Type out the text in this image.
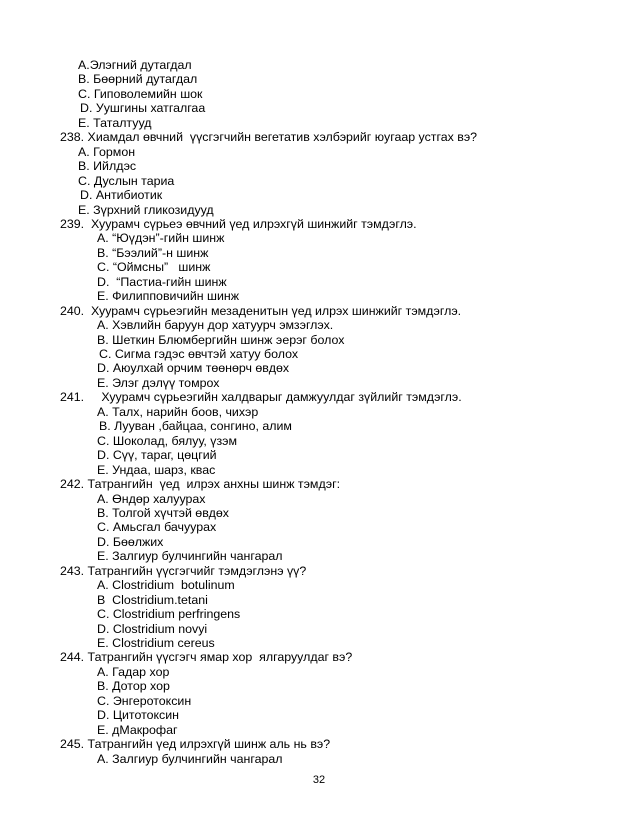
А.Элэгний дутагдал
В. Бөөрний дутагдал
С. Гиповолемийн шок
D. Уушгины хатгалгаа
Е. Таталтууд
238. Хиамдал өвчний  үүсгэгчийн вегетатив хэлбэрийг юугаар устгах вэ?
А. Гормон
В. Ийлдэс
С. Дуслын тариа
D. Антибиотик
Е. Зүрхний гликозидууд
239.  Хуурамч сүрьеэ өвчний үед илрэхгүй шинжийг тэмдэглэ.
А. “Юүдэн”-гийн шинж
В. “Бээлий”-н шинж
С. “Оймсны”   шинж
D.  “Пастиа-гийн шинж
Е. Филипповичийн шинж
240.  Хуурамч сүрьеэгийн мезаденитын үед илрэх шинжийг тэмдэглэ.
А. Хэвлийн баруун дор хатуурч эмзэглэх.
В. Шеткин Блюмбергийн шинж эерэг болох
С. Сигма гэдэс өвчтэй хатуу болох
D. Аюулхай орчим төөнөрч өвдөх
Е. Элэг дэлүү томрох
241.     Хуурамч сүрьеэгийн халдварыг дамжуулдаг зүйлийг тэмдэглэ.
А. Талх, нарийн боов, чихэр
В. Лууван ,байцаа, сонгино, алим
С. Шоколад, бялуу, үзэм
D. Сүү, тараг, цөцгий
Е. Ундаа, шарз, квас
242. Татрангийн  үед  илрэх анхны шинж тэмдэг:
А. Өндөр халуурах
В. Толгой хүчтэй өвдөх
С. Амьсгал бачуурах
D. Бөөлжих
Е. Залгиур булчингийн чангарал
243. Татрангийн үүсгэгчийг тэмдэглэнэ үү?
А. Clostridium  botulinum
В  Clostridium.tetani
С. Clostridium perfringens
D. Clostridium novyi
Е. Clostridium cereus
244. Татрангийн үүсгэгч ямар хор  ялгаруулдаг вэ?
А. Гадар хор
В. Дотор хор
С. Энгеротоксин
D. Цитотоксин
Е. дМакрофаг
245. Татрангийн үед илрэхгүй шинж аль нь вэ?
А. Залгиур булчингийн чангарал
32
